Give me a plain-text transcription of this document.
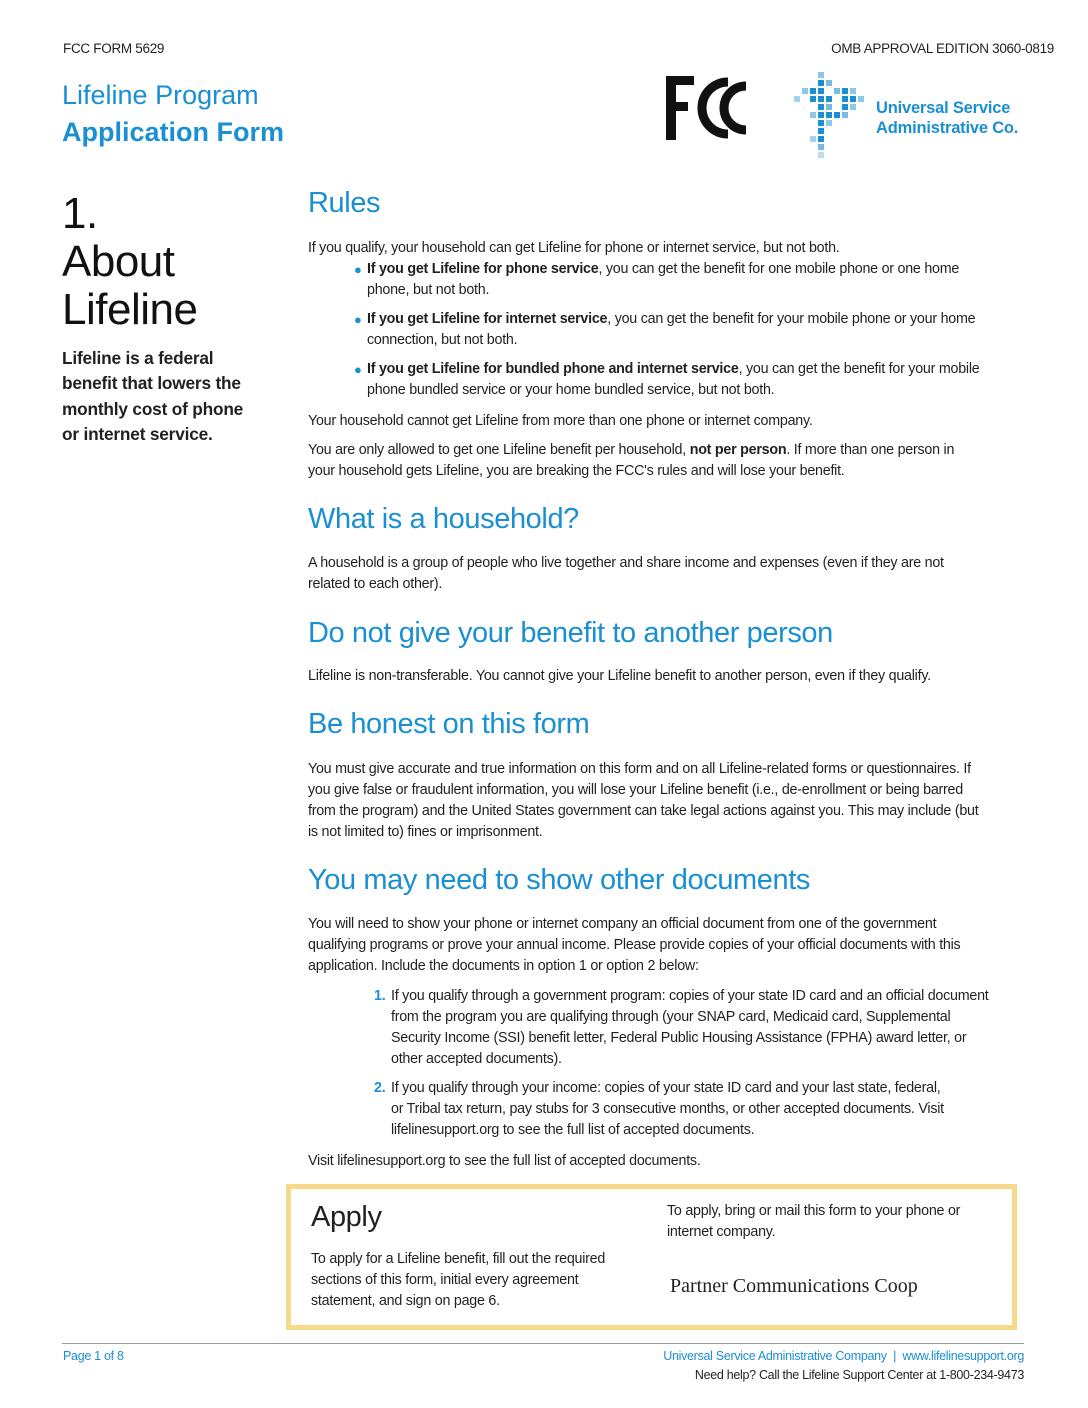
FCC FORM 5629	OMB APPROVAL EDITION 3060-0819
Lifeline Program
Application Form
Universal Service
Administrative Co.
1.
About
Lifeline
Lifeline is a federal
benefit that lowers the
monthly cost of phone
or internet service.
Rules
If you qualify, your household can get Lifeline for phone or internet service, but not both.
● If you get Lifeline for phone service, you can get the benefit for one mobile phone or one home
phone, but not both.
● If you get Lifeline for internet service, you can get the benefit for your mobile phone or your home
connection, but not both.
● If you get Lifeline for bundled phone and internet service, you can get the benefit for your mobile
phone bundled service or your home bundled service, but not both.
Your household cannot get Lifeline from more than one phone or internet company.
You are only allowed to get one Lifeline benefit per household, not per person. If more than one person in
your household gets Lifeline, you are breaking the FCC's rules and will lose your benefit.
What is a household?
A household is a group of people who live together and share income and expenses (even if they are not
related to each other).
Do not give your benefit to another person
Lifeline is non-transferable. You cannot give your Lifeline benefit to another person, even if they qualify.
Be honest on this form
You must give accurate and true information on this form and on all Lifeline-related forms or questionnaires. If
you give false or fraudulent information, you will lose your Lifeline benefit (i.e., de-enrollment or being barred
from the program) and the United States government can take legal actions against you. This may include (but
is not limited to) fines or imprisonment.
You may need to show other documents
You will need to show your phone or internet company an official document from one of the government
qualifying programs or prove your annual income. Please provide copies of your official documents with this
application. Include the documents in option 1 or option 2 below:
1. If you qualify through a government program: copies of your state ID card and an official document
from the program you are qualifying through (your SNAP card, Medicaid card, Supplemental
Security Income (SSI) benefit letter, Federal Public Housing Assistance (FPHA) award letter, or
other accepted documents).
2. If you qualify through your income: copies of your state ID card and your last state, federal,
or Tribal tax return, pay stubs for 3 consecutive months, or other accepted documents. Visit
lifelinesupport.org to see the full list of accepted documents.
Visit lifelinesupport.org to see the full list of accepted documents.
Apply
To apply for a Lifeline benefit, fill out the required
sections of this form, initial every agreement
statement, and sign on page 6.
To apply, bring or mail this form to your phone or
internet company.
Partner Communications Coop
Page 1 of 8	Universal Service Administrative Company  |  www.lifelinesupport.org
Need help? Call the Lifeline Support Center at 1-800-234-9473
